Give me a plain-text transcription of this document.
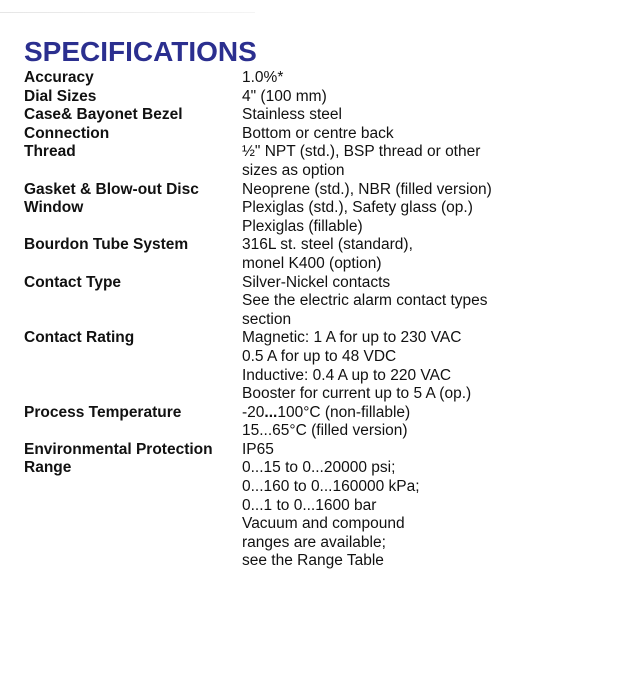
SPECIFICATIONS
Accuracy	1.0%*
Dial Sizes	4" (100 mm)
Case& Bayonet Bezel	Stainless steel
Connection	Bottom or centre back
Thread	½" NPT (std.), BSP thread or other
sizes as option
Gasket & Blow-out Disc	Neoprene (std.), NBR (filled version)
Window	Plexiglas (std.), Safety glass (op.)
Plexiglas (fillable)
Bourdon Tube System	316L st. steel (standard),
monel K400 (option)
Contact Type	Silver-Nickel contacts
See the electric alarm contact types
section
Contact Rating	Magnetic: 1 A for up to 230 VAC
0.5 A for up to 48 VDC
Inductive: 0.4 A up to 220 VAC
Booster for current up to 5 A (op.)
Process Temperature	-20...100°C (non-fillable)
15...65°C (filled version)
Environmental Protection	IP65
Range	0...15 to 0...20000 psi;
0...160 to 0...160000 kPa;
0...1 to 0...1600 bar
Vacuum and compound
ranges are available;
see the Range Table
